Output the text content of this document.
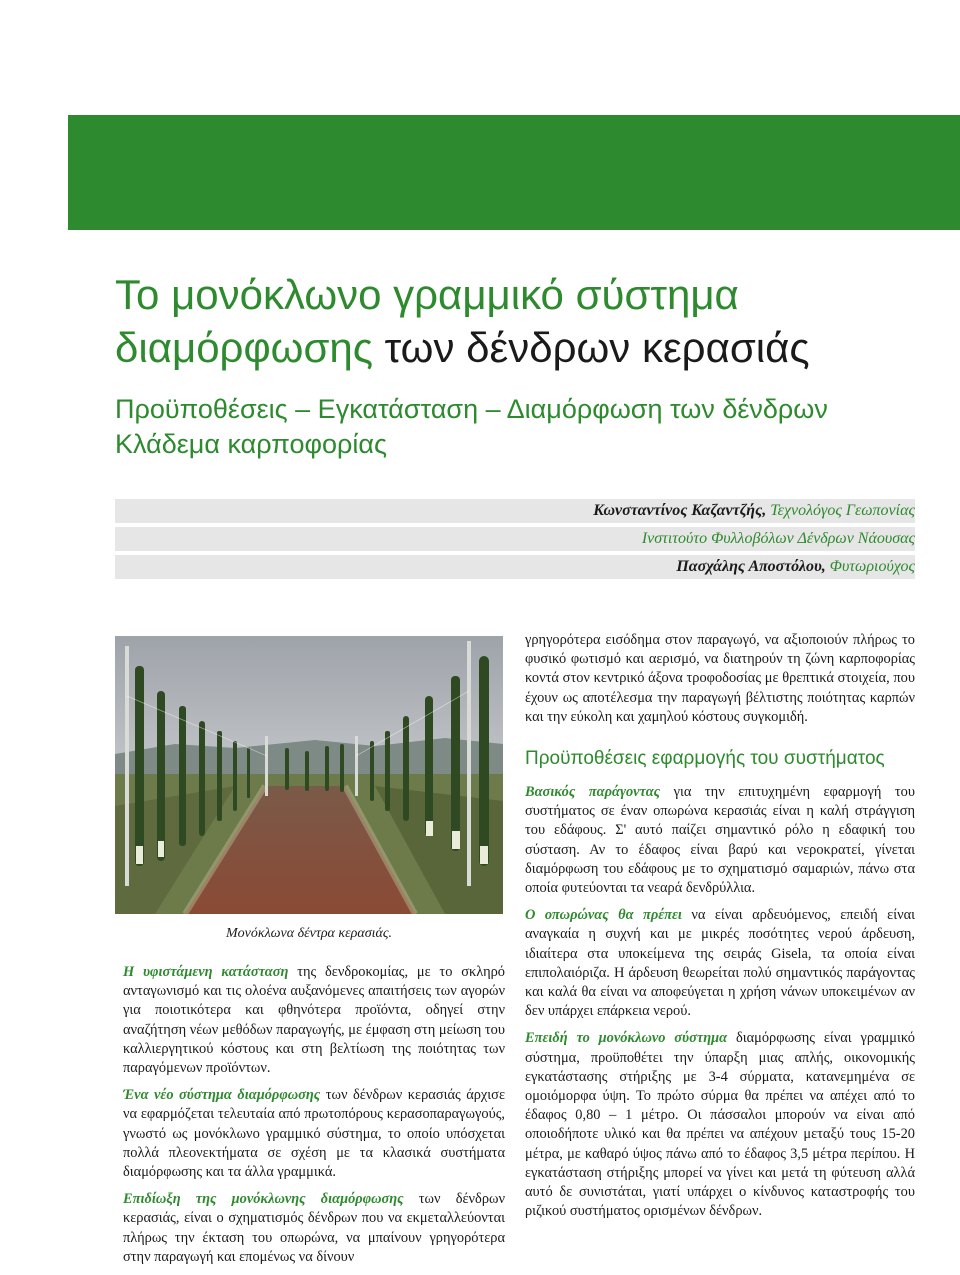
Το μονόκλωνο γραμμικό σύστημα
διαμόρφωσης των δένδρων κερασιάς

Προϋποθέσεις – Εγκατάσταση – Διαμόρφωση των δένδρων
Κλάδεμα καρποφορίας

Κωνσταντίνος Καζαντζής, Τεχνολόγος Γεωπονίας
Ινστιτούτο Φυλλοβόλων Δένδρων Νάουσας
Πασχάλης Αποστόλου, Φυτωριούχος
Μονόκλωνα δέντρα κερασιάς.

Η υφιστάμενη κατάσταση της δενδροκομίας, με το σκληρό ανταγωνισμό και τις ολοένα αυξανόμενες απαιτήσεις των αγορών για ποιοτικότερα και φθηνότερα προϊόντα, οδηγεί στην αναζήτηση νέων μεθόδων παραγωγής, με έμφαση στη μείωση του καλλιεργητικού κόστους και στη βελτίωση της ποιότητας των παραγόμενων προϊόντων.

Ένα νέο σύστημα διαμόρφωσης των δένδρων κερασιάς άρχισε να εφαρμόζεται τελευταία από πρωτοπόρους κερασοπαραγωγούς, γνωστό ως μονόκλωνο γραμμικό σύστημα, το οποίο υπόσχεται πολλά πλεονεκτήματα σε σχέση με τα κλασικά συστήματα διαμόρφωσης και τα άλλα γραμμικά.

Επιδίωξη της μονόκλωνης διαμόρφωσης των δένδρων κερασιάς, είναι ο σχηματισμός δένδρων που να εκμεταλλεύονται πλήρως την έκταση του οπωρώνα, να μπαίνουν γρηγορότερα στην παραγωγή και επομένως να δίνουν

γρηγορότερα εισόδημα στον παραγωγό, να αξιοποιούν πλήρως το φυσικό φωτισμό και αερισμό, να διατηρούν τη ζώνη καρποφορίας κοντά στον κεντρικό άξονα τροφοδοσίας με θρεπτικά στοιχεία, που έχουν ως αποτέλεσμα την παραγωγή βέλτιστης ποιότητας καρπών και την εύκολη και χαμηλού κόστους συγκομιδή.

Προϋποθέσεις εφαρμογής του συστήματος

Βασικός παράγοντας για την επιτυχημένη εφαρμογή του συστήματος σε έναν οπωρώνα κερασιάς είναι η καλή στράγγιση του εδάφους. Σ' αυτό παίζει σημαντικό ρόλο η εδαφική του σύσταση. Αν το έδαφος είναι βαρύ και νεροκρατεί, γίνεται διαμόρφωση του εδάφους με το σχηματισμό σαμαριών, πάνω στα οποία φυτεύονται τα νεαρά δενδρύλλια.

Ο οπωρώνας θα πρέπει να είναι αρδευόμενος, επειδή είναι αναγκαία η συχνή και με μικρές ποσότητες νερού άρδευση, ιδιαίτερα στα υποκείμενα της σειράς Gisela, τα οποία είναι επιπολαιόριζα. Η άρδευση θεωρείται πολύ σημαντικός παράγοντας και καλά θα είναι να αποφεύγεται η χρήση νάνων υποκειμένων αν δεν υπάρχει επάρκεια νερού.

Επειδή το μονόκλωνο σύστημα διαμόρφωσης είναι γραμμικό σύστημα, προϋποθέτει την ύπαρξη μιας απλής, οικονομικής εγκατάστασης στήριξης με 3-4 σύρματα, κατανεμημένα σε ομοιόμορφα ύψη. Το πρώτο σύρμα θα πρέπει να απέχει από το έδαφος 0,80 – 1 μέτρο. Οι πάσσαλοι μπορούν να είναι από οποιοδήποτε υλικό και θα πρέπει να απέχουν μεταξύ τους 15-20 μέτρα, με καθαρό ύψος πάνω από το έδαφος 3,5 μέτρα περίπου. Η εγκατάσταση στήριξης μπορεί να γίνει και μετά τη φύτευση αλλά αυτό δε συνιστάται, γιατί υπάρχει ο κίνδυνος καταστροφής του ριζικού συστήματος ορισμένων δένδρων.
